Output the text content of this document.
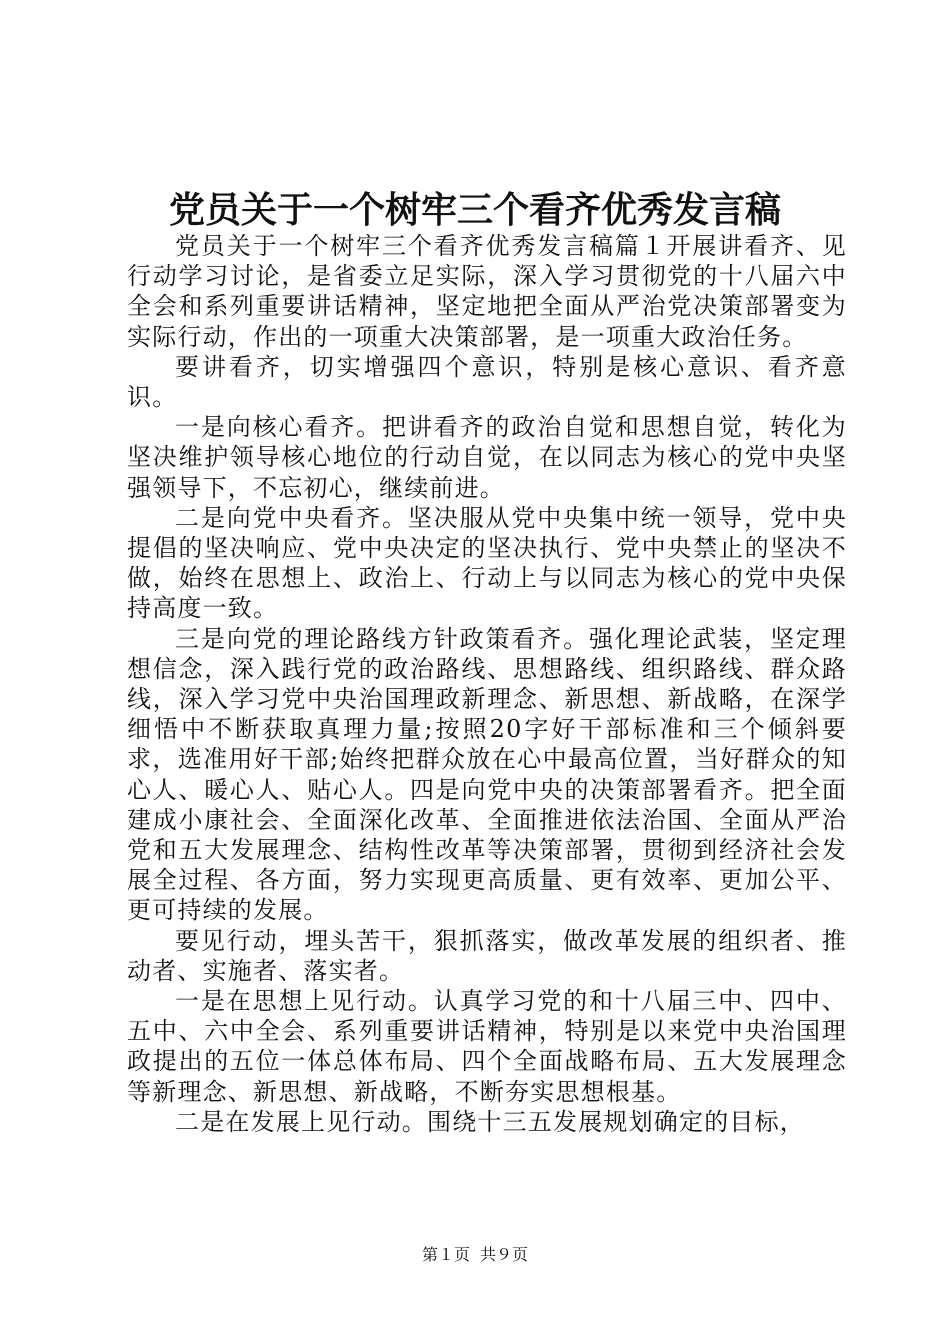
党员关于一个树牢三个看齐优秀发言稿

党员关于一个树牢三个看齐优秀发言稿篇１开展讲看齐、见行动学习讨论，是省委立足实际，深入学习贯彻党的十八届六中全会和系列重要讲话精神，坚定地把全面从严治党决策部署变为实际行动，作出的一项重大决策部署，是一项重大政治任务。

要讲看齐，切实增强四个意识，特别是核心意识、看齐意识。

一是向核心看齐。把讲看齐的政治自觉和思想自觉，转化为坚决维护领导核心地位的行动自觉，在以同志为核心的党中央坚强领导下，不忘初心，继续前进。

二是向党中央看齐。坚决服从党中央集中统一领导，党中央提倡的坚决响应、党中央决定的坚决执行、党中央禁止的坚决不做，始终在思想上、政治上、行动上与以同志为核心的党中央保持高度一致。

三是向党的理论路线方针政策看齐。强化理论武装，坚定理想信念，深入践行党的政治路线、思想路线、组织路线、群众路线，深入学习党中央治国理政新理念、新思想、新战略，在深学细悟中不断获取真理力量;按照20字好干部标准和三个倾斜要求，选准用好干部;始终把群众放在心中最高位置，当好群众的知心人、暖心人、贴心人。四是向党中央的决策部署看齐。把全面建成小康社会、全面深化改革、全面推进依法治国、全面从严治党和五大发展理念、结构性改革等决策部署，贯彻到经济社会发展全过程、各方面，努力实现更高质量、更有效率、更加公平、更可持续的发展。

要见行动，埋头苦干，狠抓落实，做改革发展的组织者、推动者、实施者、落实者。

一是在思想上见行动。认真学习党的和十八届三中、四中、五中、六中全会、系列重要讲话精神，特别是以来党中央治国理政提出的五位一体总体布局、四个全面战略布局、五大发展理念等新理念、新思想、新战略，不断夯实思想根基。

二是在发展上见行动。围绕十三五发展规划确定的目标，

第１页 共９页
